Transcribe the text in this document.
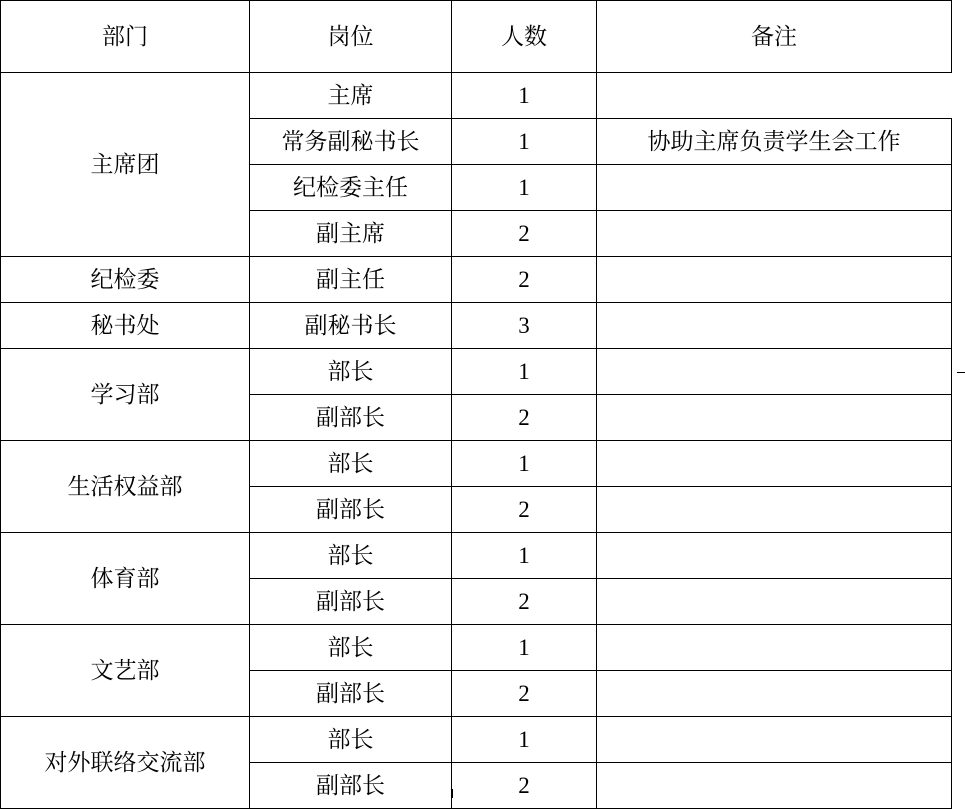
部门	岗位	人数	备注
主席团	主席	1	
	常务副秘书长	1	协助主席负责学生会工作
	纪检委主任	1	
	副主席	2	
纪检委	副主任	2	
秘书处	副秘书长	3	
学习部	部长	1	
	副部长	2	
生活权益部	部长	1	
	副部长	2	
体育部	部长	1	
	副部长	2	
文艺部	部长	1	
	副部长	2	
对外联络交流部	部长	1	
	副部长	2	
